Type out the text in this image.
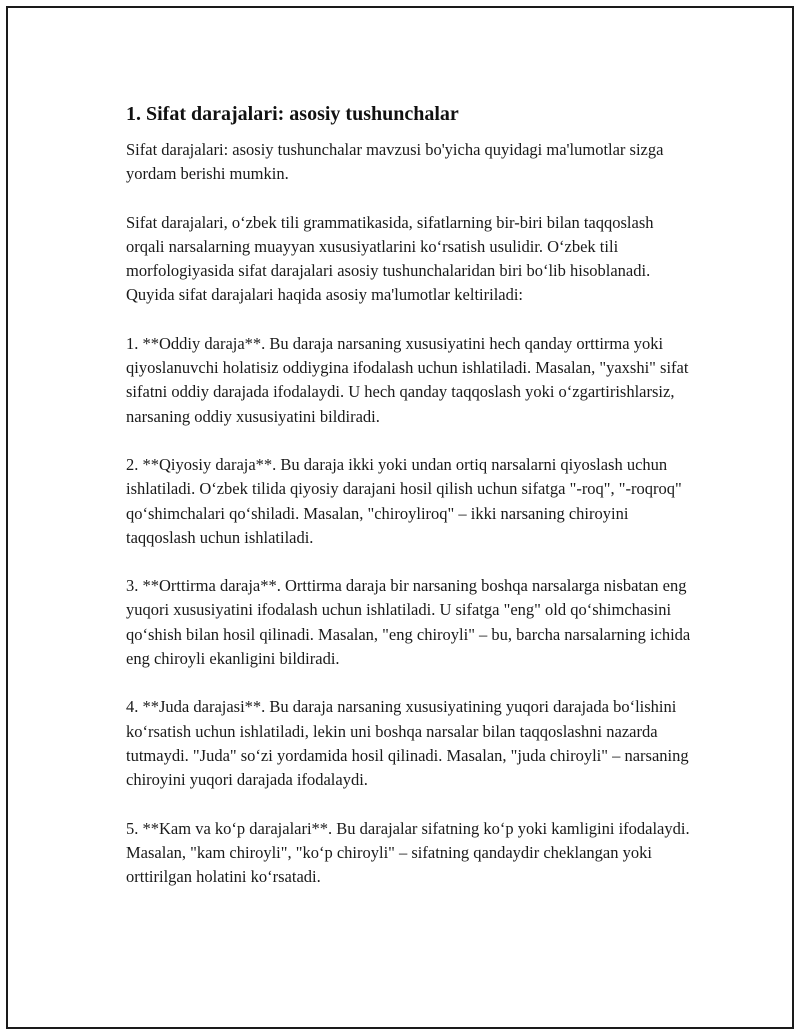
1. Sifat darajalari: asosiy tushunchalar

Sifat darajalari: asosiy tushunchalar mavzusi bo'yicha quyidagi ma'lumotlar sizga yordam berishi mumkin.

Sifat darajalari, o‘zbek tili grammatikasida, sifatlarning bir-biri bilan taqqoslash orqali narsalarning muayyan xususiyatlarini ko‘rsatish usulidir. O‘zbek tili morfologiyasida sifat darajalari asosiy tushunchalaridan biri bo‘lib hisoblanadi. Quyida sifat darajalari haqida asosiy ma'lumotlar keltiriladi:

1. **Oddiy daraja**. Bu daraja narsaning xususiyatini hech qanday orttirma yoki qiyoslanuvchi holatisiz oddiygina ifodalash uchun ishlatiladi. Masalan, "yaxshi" sifat sifatni oddiy darajada ifodalaydi. U hech qanday taqqoslash yoki o‘zgartirishlarsiz, narsaning oddiy xususiyatini bildiradi.

2. **Qiyosiy daraja**. Bu daraja ikki yoki undan ortiq narsalarni qiyoslash uchun ishlatiladi. O‘zbek tilida qiyosiy darajani hosil qilish uchun sifatga "-roq", "-roqroq" qo‘shimchalari qo‘shiladi. Masalan, "chiroyliroq" – ikki narsaning chiroyini taqqoslash uchun ishlatiladi.

3. **Orttirma daraja**. Orttirma daraja bir narsaning boshqa narsalarga nisbatan eng yuqori xususiyatini ifodalash uchun ishlatiladi. U sifatga "eng" old qo‘shimchasini qo‘shish bilan hosil qilinadi. Masalan, "eng chiroyli" – bu, barcha narsalarning ichida eng chiroyli ekanligini bildiradi.

4. **Juda darajasi**. Bu daraja narsaning xususiyatining yuqori darajada bo‘lishini ko‘rsatish uchun ishlatiladi, lekin uni boshqa narsalar bilan taqqoslashni nazarda tutmaydi. "Juda" so‘zi yordamida hosil qilinadi. Masalan, "juda chiroyli" – narsaning chiroyini yuqori darajada ifodalaydi.

5. **Kam va ko‘p darajalari**. Bu darajalar sifatning ko‘p yoki kamligini ifodalaydi. Masalan, "kam chiroyli", "ko‘p chiroyli" – sifatning qandaydir cheklangan yoki orttirilgan holatini ko‘rsatadi.
